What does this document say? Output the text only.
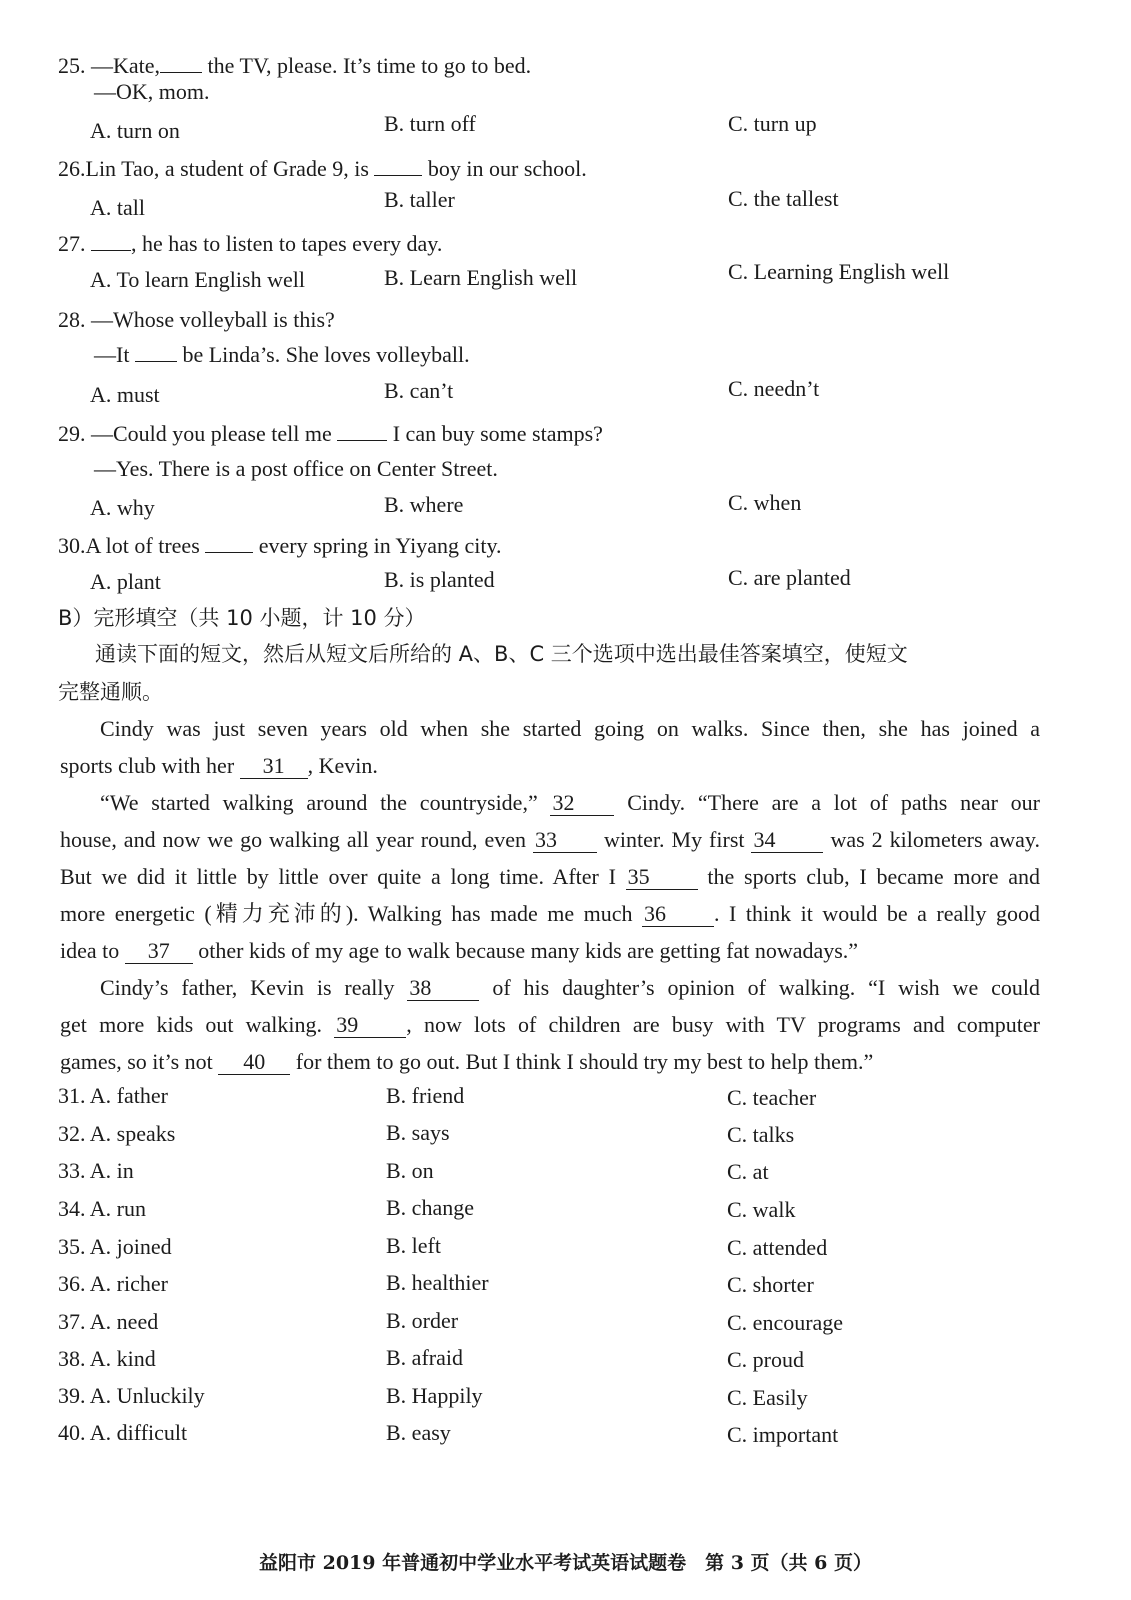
25. —Kate, the TV, please. It’s time to go to bed.
—OK, mom.
A. turn on	B. turn off	C. turn up
26.Lin Tao, a student of Grade 9, is	boy in our school.
A. tall	B. taller	C. the tallest
27. , he has to listen to tapes every day.
A. To learn English well	B. Learn English well	C. Learning English well
28. —Whose volleyball is this?
—It be Linda’s. She loves volleyball.
A. must	B. can’t	C. needn’t
29. —Could you please tell me	I can buy some stamps?
—Yes. There is a post office on Center Street.
A. why	B. where	C. when
30.A lot of trees	every spring in Yiyang city.
A. plant	B. is planted	C. are planted
B）完形填空（共 10 小题，计 10 分）
通读下面的短文，然后从短文后所给的 A、B、C 三个选项中选出最佳答案填空，使短文
完整通顺。
Cindy was just seven years old when she started going on walks. Since then, she has joined a
sports club with her 31 , Kevin.
“We started walking around the countryside,” 32 Cindy. “There are a lot of paths near our
house, and now we go walking all year round, even 33 winter. My first 34 was 2 kilometers away.
But we did it little by little over quite a long time. After I 35	the sports club, I became more and
more energetic (精力充沛的). Walking has made me much 36 . I think it would be a really good
idea to 37 other kids of my age to walk because many kids are getting fat nowadays.”
Cindy’s father, Kevin is really 38	of his daughter’s opinion of walking. “I wish we could
get more kids out walking. 39 , now lots of children are busy with TV programs and computer
games, so it’s not 40 for them to go out. But I think I should try my best to help them.”
31. A. father	B. friend	C. teacher
32. A. speaks	B. says	C. talks
33. A. in	B. on	C. at
34. A. run	B. change	C. walk
35. A. joined	B. left	C. attended
36. A. richer	B. healthier	C. shorter
37. A. need	B. order	C. encourage
38. A. kind	B. afraid	C. proud
39. A. Unluckily	B. Happily	C. Easily
40. A. difficult	B. easy	C. important
益阳市 2019 年普通初中学业水平考试英语试题卷　第 3 页（共 6 页）
